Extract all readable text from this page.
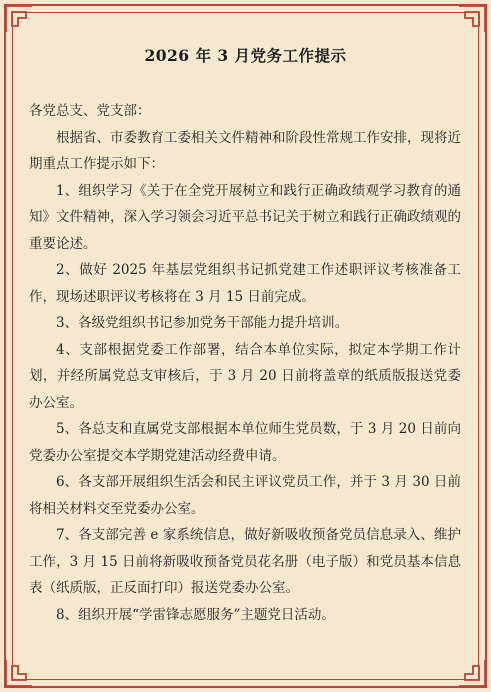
2026 年 3 月党务工作提示

各党总支、党支部：

根据省、市委教育工委相关文件精神和阶段性常规工作安排，现将近期重点工作提示如下：

1、组织学习《关于在全党开展树立和践行正确政绩观学习教育的通知》文件精神，深入学习领会习近平总书记关于树立和践行正确政绩观的重要论述。

2、做好 2025 年基层党组织书记抓党建工作述职评议考核准备工作，现场述职评议考核将在 3 月 15 日前完成。

3、各级党组织书记参加党务干部能力提升培训。

4、支部根据党委工作部署，结合本单位实际，拟定本学期工作计划，并经所属党总支审核后，于 3 月 20 日前将盖章的纸质版报送党委办公室。

5、各总支和直属党支部根据本单位师生党员数，于 3 月 20 日前向党委办公室提交本学期党建活动经费申请。

6、各支部开展组织生活会和民主评议党员工作，并于 3 月 30 日前将相关材料交至党委办公室。

7、各支部完善 e 家系统信息，做好新吸收预备党员信息录入、维护工作，3 月 15 日前将新吸收预备党员花名册（电子版）和党员基本信息表（纸质版，正反面打印）报送党委办公室。

8、组织开展“学雷锋志愿服务”主题党日活动。
